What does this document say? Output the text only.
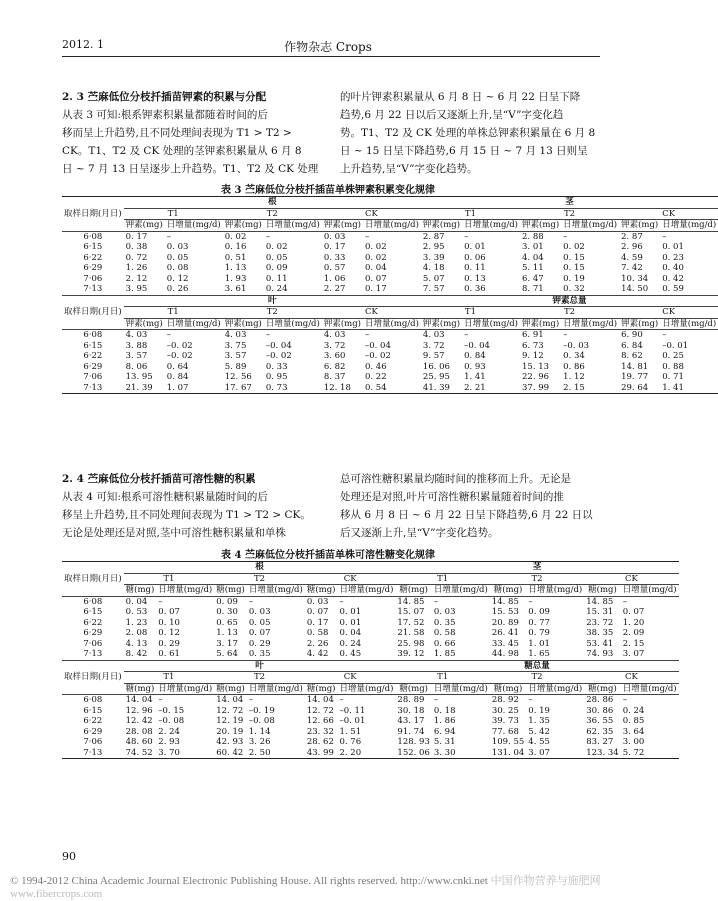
2012. 1	作物杂志 Crops
2. 3 苎麻低位分枝扦插苗钾素的积累与分配
从表 3 可知:根系钾素积累量都随着时间的后
移而呈上升趋势,且不同处理间表现为 T1 > T2 >
CK。T1、T2 及 CK 处理的茎钾素积累量从 6 月 8
日 ~ 7 月 13 日呈逐步上升趋势。T1、T2 及 CK 处理
的叶片钾素积累量从 6 月 8 日 ~ 6 月 22 日呈下降
趋势,6 月 22 日以后又逐渐上升,呈“V”字变化趋
势。T1、T2 及 CK 处理的单株总钾素积累量在 6 月 8
日 ~ 15 日呈下降趋势,6 月 15 日 ~ 7 月 13 日则呈
上升趋势,呈“V”字变化趋势。
表 3 苎麻低位分枝扦插苗单株钾素积累变化规律
取样日期(月日)	根						茎					
	T1		T2		CK		T1		T2		CK	
	钾素(mg)	日增量(mg/d)	钾素(mg)	日增量(mg/d)	钾素(mg)	日增量(mg/d)	钾素(mg)	日增量(mg/d)	钾素(mg)	日增量(mg/d)	钾素(mg)	日增量(mg/d)
6·08	0. 17	–	0. 02	–	0. 03	–	2. 87	–	2. 88	–	2. 87	–
6·15	0. 38	0. 03	0. 16	0. 02	0. 17	0. 02	2. 95	0. 01	3. 01	0. 02	2. 96	0. 01
6·22	0. 72	0. 05	0. 51	0. 05	0. 33	0. 02	3. 39	0. 06	4. 04	0. 15	4. 59	0. 23
6·29	1. 26	0. 08	1. 13	0. 09	0. 57	0. 04	4. 18	0. 11	5. 11	0. 15	7. 42	0. 40
7·06	2. 12	0. 12	1. 93	0. 11	1. 06	0. 07	5. 07	0. 13	6. 47	0. 19	10. 34	0. 42
7·13	3. 95	0. 26	3. 61	0. 24	2. 27	0. 17	7. 57	0. 36	8. 71	0. 32	14. 50	0. 59
取样日期(月日)	叶						钾素总量					
	T1		T2		CK		T1		T2		CK	
	钾素(mg)	日增量(mg/d)	钾素(mg)	日增量(mg/d)	钾素(mg)	日增量(mg/d)	钾素(mg)	日增量(mg/d)	钾素(mg)	日增量(mg/d)	钾素(mg)	日增量(mg/d)
6·08	4. 03	–	4. 03	–	4. 03	–	4. 03	–	6. 91	–	6. 90	–
6·15	3. 88	–0. 02	3. 75	–0. 04	3. 72	–0. 04	3. 72	–0. 04	6. 73	–0. 03	6. 84	–0. 01
6·22	3. 57	–0. 02	3. 57	–0. 02	3. 60	–0. 02	9. 57	0. 84	9. 12	0. 34	8. 62	0. 25
6·29	8. 06	0. 64	5. 89	0. 33	6. 82	0. 46	16. 06	0. 93	15. 13	0. 86	14. 81	0. 88
7·06	13. 95	0. 84	12. 56	0. 95	8. 37	0. 22	25. 95	1. 41	22. 96	1. 12	19. 77	0. 71
7·13	21. 39	1. 07	17. 67	0. 73	12. 18	0. 54	41. 39	2. 21	37. 99	2. 15	29. 64	1. 41
2. 4 苎麻低位分枝扦插苗可溶性糖的积累
从表 4 可知:根系可溶性糖积累量随时间的后
移呈上升趋势,且不同处理间表现为 T1 > T2 > CK。
无论是处理还是对照,茎中可溶性糖积累量和单株
总可溶性糖积累量均随时间的推移而上升。无论是
处理还是对照,叶片可溶性糖积累量随着时间的推
移从 6 月 8 日 ~ 6 月 22 日呈下降趋势,6 月 22 日以
后又逐渐上升,呈“V”字变化趋势。
表 4 苎麻低位分枝扦插苗单株可溶性糖变化规律
取样日期(月日)	根						茎					
	T1		T2		CK		T1		T2		CK	
	糖(mg)	日增量(mg/d)	糖(mg)	日增量(mg/d)	糖(mg)	日增量(mg/d)	糖(mg)	日增量(mg/d)	糖(mg)	日增量(mg/d)	糖(mg)	日增量(mg/d)
6·08	0. 04	–	0. 09	–	0. 03	–	14. 85	–	14. 85	–	14. 85	–
6·15	0. 53	0. 07	0. 30	0. 03	0. 07	0. 01	15. 07	0. 03	15. 53	0. 09	15. 31	0. 07
6·22	1. 23	0. 10	0. 65	0. 05	0. 17	0. 01	17. 52	0. 35	20. 89	0. 77	23. 72	1. 20
6·29	2. 08	0. 12	1. 13	0. 07	0. 58	0. 04	21. 58	0. 58	26. 41	0. 79	38. 35	2. 09
7·06	4. 13	0. 29	3. 17	0. 29	2. 26	0. 24	25. 98	0. 66	33. 45	1. 01	53. 41	2. 15
7·13	8. 42	0. 61	5. 64	0. 35	4. 42	0. 45	39. 12	1. 85	44. 98	1. 65	74. 93	3. 07
取样日期(月日)	叶						糖总量					
	T1		T2		CK		T1		T2		CK	
	糖(mg)	日增量(mg/d)	糖(mg)	日增量(mg/d)	糖(mg)	日增量(mg/d)	糖(mg)	日增量(mg/d)	糖(mg)	日增量(mg/d)	糖(mg)	日增量(mg/d)
6·08	14. 04	–	14. 04	–	14. 04	–	28. 89	–	28. 92	–	28. 86	–
6·15	12. 96	–0. 15	12. 72	–0. 19	12. 72	–0. 11	30. 18	0. 18	30. 25	0. 19	30. 86	0. 24
6·22	12. 42	–0. 08	12. 19	–0. 08	12. 66	–0. 01	43. 17	1. 86	39. 73	1. 35	36. 55	0. 85
6·29	28. 08	2. 24	20. 19	1. 14	23. 32	1. 51	91. 74	6. 94	77. 68	5. 42	62. 35	3. 64
7·06	48. 60	2. 93	42. 93	3. 26	28. 62	0. 76	128. 93	5. 31	109. 55	4. 55	83. 27	3. 00
7·13	74. 52	3. 70	60. 42	2. 50	43. 99	2. 20	152. 06	3. 30	131. 04	3. 07	123. 34	5. 72
90
© 1994-2012 China Academic Journal Electronic Publishing House. All rights reserved. http://www.cnki.net 中国作物营养与施肥网 www.fibercrops.com
